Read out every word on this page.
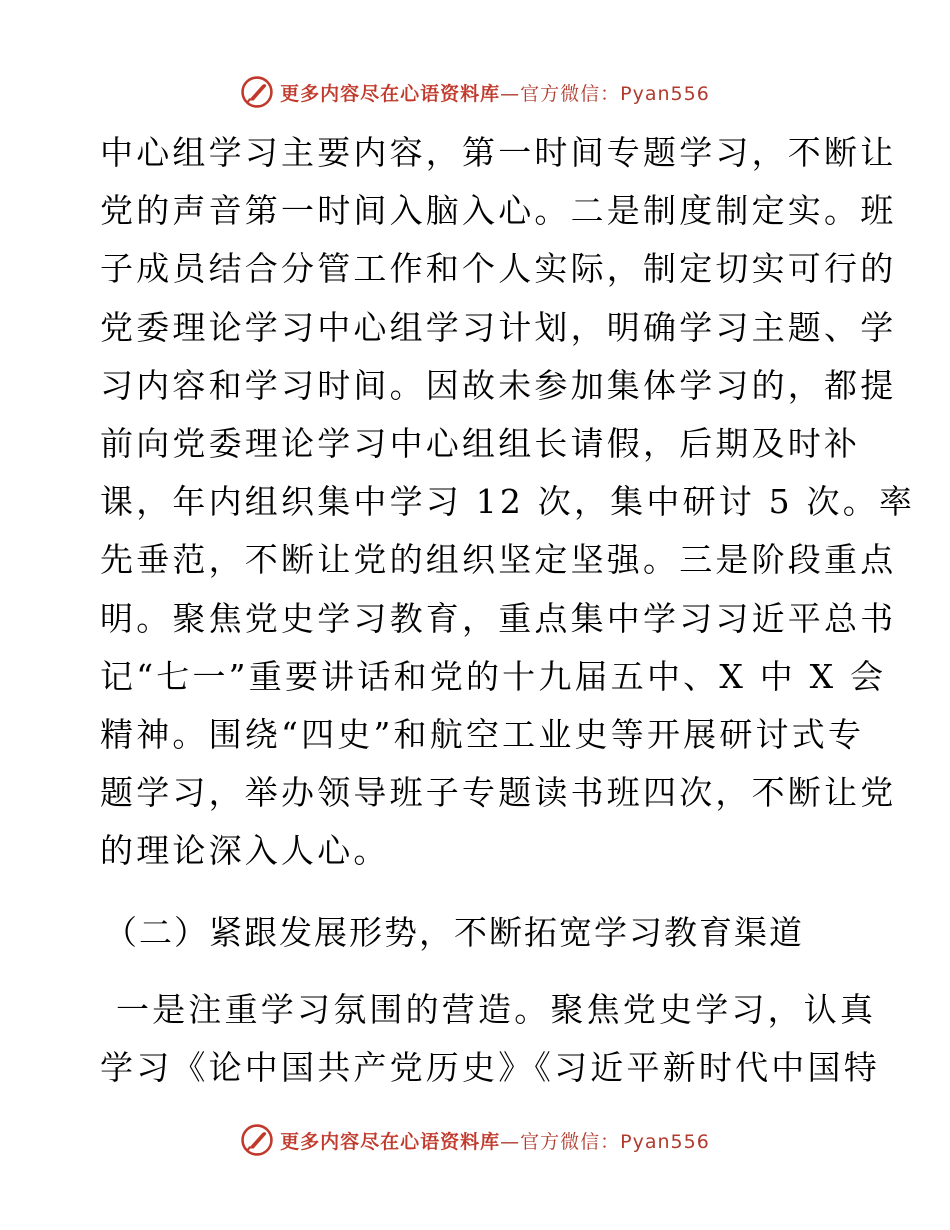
更多内容尽在心语资料库—官方微信：Pyan556
中心组学习主要内容，第一时间专题学习，不断让
党的声音第一时间入脑入心。二是制度制定实。班
子成员结合分管工作和个人实际，制定切实可行的
党委理论学习中心组学习计划，明确学习主题、学
习内容和学习时间。因故未参加集体学习的，都提
前向党委理论学习中心组组长请假，后期及时补
课，年内组织集中学习 12 次，集中研讨 5 次。率
先垂范，不断让党的组织坚定坚强。三是阶段重点
明。聚焦党史学习教育，重点集中学习习近平总书
记“七一”重要讲话和党的十九届五中、X 中 X 会
精神。围绕“四史”和航空工业史等开展研讨式专
题学习，举办领导班子专题读书班四次，不断让党
的理论深入人心。
（二）紧跟发展形势，不断拓宽学习教育渠道
一是注重学习氛围的营造。聚焦党史学习，认真
学习《论中国共产党历史》《习近平新时代中国特
更多内容尽在心语资料库—官方微信：Pyan556
